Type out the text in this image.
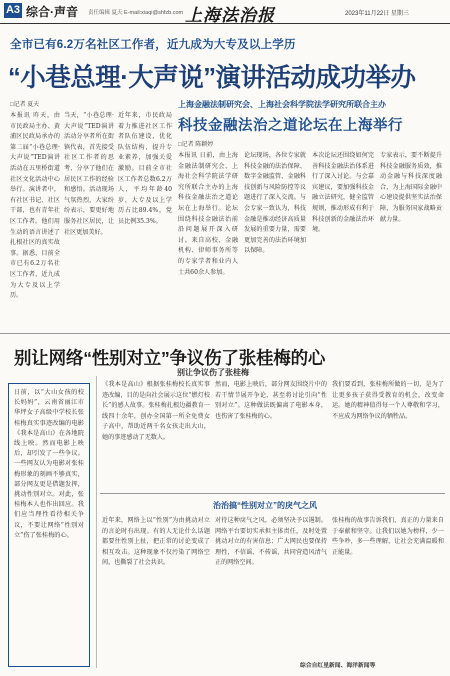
A3 综合·声音 责任编辑 夏天 E-mail:xiaqi@shfzb.com 上海法治报	2023年11月22日 星期三
全市已有6.2万名社区工作者，近九成为大专及以上学历
“小巷总理·大声说”演讲活动成功举办
□记者 夏天
本报讯 昨天，由市民政局主办、黄浦区民政局承办的第二届“小巷总理·大声说”TED演讲活动在五里桥街道社区文化活动中心举行。演讲者中，有社区书记、社区干部，也有青年社区工作者。他们用生动的语言讲述了扎根社区的真实故事。据悉，目前全市已有6.2万名社区工作者，近九成为大专及以上学历。
当天，“小巷总理·大声说”TED演讲活动分享者所在街镇代表，首先接受社区工作者的思考，分享了他们在居民区工作的经验和感悟。活动现场气氛热烈，大家纷纷表示，要更好地服务社区居民，让社区更加美好。
近年来，市民政局着力推进社区工作者队伍建设，优化队伍结构，提升专业素养，加强关爱激励。目前全市社区工作者总数6.2万人，平均年龄40岁，大专及以上学历占比89.4%，党员比例35.3%。
上海金融法制研究会、上海社会科学院法学研究所联合主办
科技金融法治之道论坛在上海举行
□记者 陈颖婷
本报讯 日前，由上海金融法制研究会、上海社会科学院法学研究所联合主办的上海科技金融法治之道论坛在上海举行。论坛围绕科技金融法治前沿问题展开深入研讨。来自高校、金融机构、律师事务所等的专家学者和业内人士共60余人参加。
论坛现场，各位专家就科技金融的法治保障、数字金融监管、金融科技创新与风险防控等议题进行了深入交流。与会专家一致认为，科技金融是推动经济高质量发展的重要力量，需要更加完善的法治环境加以保障。
本次论坛还围绕如何完善科技金融法治体系进行了深入讨论。与会嘉宾建议，要加强科技金融立法研究，健全监管规则，推动形成有利于科技创新的金融法治环境。
专家表示，要不断提升科技金融服务质效，推动金融与科技深度融合，为上海国际金融中心建设提供坚实法治保障，为服务国家战略贡献力量。
别让网络“性别对立”争议伤了张桂梅的心
日前，以“大山女孩的校长妈妈”，云南省丽江市华坪女子高级中学校长张桂梅真实事迹改编的电影《我本是高山》在各地院线上映。然而电影上映后，却引发了一些争议。一些网友认为电影对张桂梅形象的刻画不够真实，部分网友更是借题发挥，挑动性别对立。对此，张桂梅本人也作出回应。我们应当理性看待相关争议，不要让网络“性别对立”伤了张桂梅的心。
别让争议伤了张桂梅
《我本是高山》根据张桂梅校长真实事迹改编，目的是向社会展示这位“燃灯校长”的感人故事。张桂梅扎根边疆教育一线四十余年，创办全国第一所全免费女子高中，帮助近两千名女孩走出大山，她的事迹感动了无数人。
然而，电影上映后，部分网友围绕片中的若干情节展开争论，甚至将讨论引向“性别对立”。这种做法既偏离了电影本身，也伤害了张桂梅的心。
我们要看到，张桂梅所做的一切，是为了让更多孩子获得受教育的机会，改变命运。她的精神值得每一个人尊敬和学习，不应成为网络争议的牺牲品。
治治搞“性别对立”的戾气之风
近年来，网络上以“性别”为由挑动对立的言论时有出现。有的人无论什么话题都要往性别上扯，把正常的讨论变成了相互攻击。这种现象不仅污染了网络空间，也撕裂了社会共识。
对待这种戾气之风，必须坚决予以遏制。网络平台要切实承担主体责任，及时处置挑动对立的有害信息；广大网民也要保持理性，不信谣、不传谣，共同营造风清气正的网络空间。
张桂梅的故事告诉我们，真正的力量来自于奉献和坚守。让我们以她为榜样，少一些争吵，多一些理解，让社会充满温暖和正能量。
综合自红星新闻、海洋新闻等
